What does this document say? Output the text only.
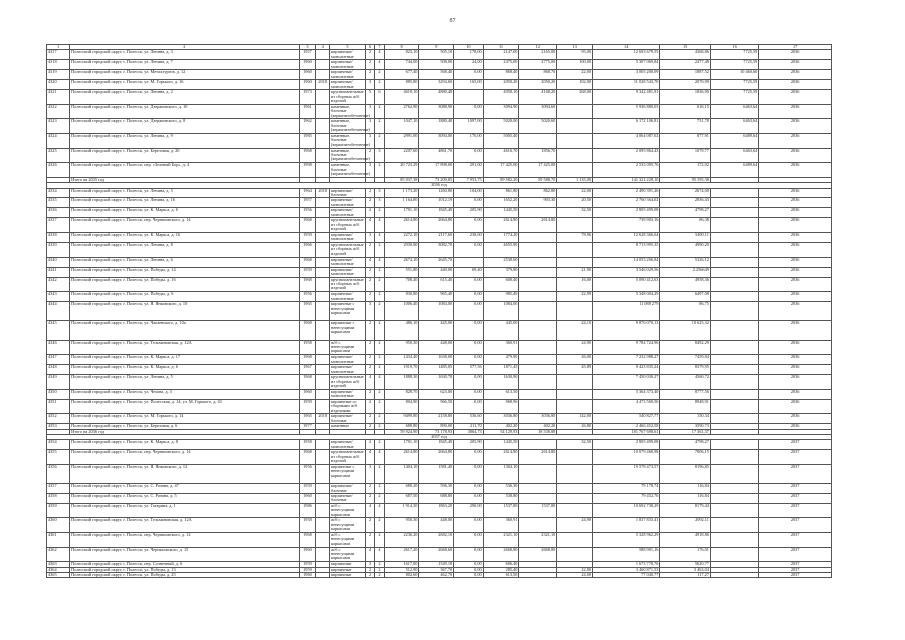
87
1	2	3	4	5	6	7	8	9	10	11	12	13	14	15	16	17
4317	Полесский городской округ, г. Полесск, ул. Ленина, д. 3	1957		кирпичные/монолитные	2	4	823,10	505,10	178,00	2147,00	2165,00	95,00	12 693 679,55	4368,86	7725,59	2036
4318	Полесский городской округ, г. Полесск, ул. Ленина, д. 7	1960		кирпичные/монолитные	2	4	744,00	508,00	24,00	2475,00	2775,00	100,00	5 307 069,84	2477,48	7725,59	2036
4319	Полесский городской округ, г. Полесск, ул. Металлургов, д. 12	1960		кирпичные/монолитные	2	2	677,40	568,40	0,00	868,40	868,70	22,00	3 005 200,09	1887,52	10 460,60	2036
4320	Полесский городской округ, г. Полесск, ул. М. Горького, д. 16	1960	2018	кирпичные/монолитные	3	2	885,80	3294,60	165,00	2050,20	2050,20	102,00	11 028 543,70	2070,99	7725,59	2036
4321	Полесский городской округ, г. Полесск, ул. Ленина, д. 2	1973		крупнопанельные из сборных ж/б изделий	5	6	4618,10	4880,48		4958,10	4168,20	268,00	9 342 481,91	1836,90	7725,59	2036
4322	Полесский городской округ, г. Полесск, ул. Дзержинского, д. 10	1961		каменные, блочные (керамзитобетонные)	3	2	2762,90	3088,90	0,00	3094,90	3094,60		5 936 880,05	616,15	6463,64	2036
4323	Полесский городской округ, г. Полесск, ул. Дзержинского, д. 8	1962		каменные, блочные (керамзитобетонные)	3	2	1047,10	1880,40	1097,00	5020,00	5020,60		6 172 106,81	751,78	6463,64	2036
4324	Полесский городской округ, г. Полесск, ул. Ленина, д. 9	1985		каменные, блочные (керамзитобетонные)	3	2	2991,00	3094,00	170,00	5005,40			4 064 087,02	877,91	6489,64	2036
4325	Полесский городской округ, г. Полесск, ул. Березовая, д. 20	1968		каменные, блочные (керамзитобетонные)	2	3	2207,60	4861,70	0,00	4616,70	1856,70		2 095 864,43	1079,77	6463,64	2036
4326	Полесский городской округ, г. Полесск, пер. «Зеленый Бор», д. 4	1998		каменные, блочные (керамзитобетонные)	3	2	20 723,29	17 898,00	291,00	17 425,00	17 425,00		2 535 095,76	172,02	6489,64	2036
	Итого на 2035 год						85 937,38	73 209,85	7 953,75	89 582,20	59 588,70	1 135,00	141 321 228,10	95 195,38		
2036 год																
4334	Полесский городской округ, г. Полесск, ул. Ленина, д. 5	1964	2018	кирпичные/блочные	2	3	1 173,20	1260,80	104,00	861,80	862,80	22,00	2 490 391,26	2674,00		2036
4335	Полесский городской округ, г. Полесск, ул. Ленина, д. 16	1957		кирпичные/монолитные	2	3	1 164,80	1012,19	0,00	1652,20	903,30	20,50	2 760 364,02	2836,43		2036
4336	Полесский городской округ, г. Полесск, ул. К. Маркса, д. 6	1956		кирпичные/монолитные	2	2	1791,10	1845,49	205,90	1445,50		32,50	2 805 499,08	4798,27		2036
4337	Полесский городской округ, г. Полесск, пер. Черняховского, д. 14	1968		крупнопанельные из сборных ж/б изделий	4	4	2614,80	2664,80	0,00	2614,80	2614,80		739 903,16	86,38		2036
4338	Полесский городской округ, г. Полесск, ул. К. Маркса, д. 16	1959		кирпичные/монолитные	3	4	2272,10	2117,60	238,00	1774,20		78,96	12 628 366,04	5490,11		2036
4339	Полесский городской округ, г. Полесск, ул. Ленина, д. 8	1966		крупнопанельные из сборных ж/б изделий	2	2	2930,00	3082,70	0,00	4655,90			8 713 995,35	4990,20		2036
4340	Полесский городской округ, г. Полесск, ул. Ленина, д. 6	1968		кирпичные/монолитные	4	4	2674,10	2645,70		2538,60			14 053 206,84	5326,12		2036
4341	Полесский городской округ, г. Полесск, ул. Победы, д. 14	1959		кирпичные/монолитные	2	2	551,80	440,00	69,40	379,80		21,90	3 546 029,56	2.256649		2036
4342	Полесский городской округ, г. Полесск, ул. Победы, д. 16	1968		крупнопанельные из сборных ж/б изделий	2	2	708,40	615,40	0,00	608,40		16,00	5 090 412,63	4958,36		2036
4343	Полесский городской округ, г. Полесск, ул. Победы, д. 6	1956		кирпичные/монолитные	2	2	830,80	965,40	0,00	985,40		22,99	5 348 004,29	6497,08		2036
4344	Полесский городской округ, г. Полесск, ул. Я. Янковского, д. 10	1965		кирпичные с ненесущими каркасами	3	2	1006,40	1084,00	0,00	1084,00			11 088 279	86,75		2036
4345	Полесский городской округ, г. Полесск, ул. Чапаевского, д. 10а	1968		кирпичные с ненесущими каркасами	2	2	486,10	445,00	0,00	445,00		24,10	9 876 070,13	10 625,32		2036
4346	Полесский городской округ, г. Полесск, ул. Тельмановская, д. 12А	1958		ж/б с ненесущими каркасами	2	2	950,30	448,00	0,00	360,91		24,90	9 784 724,96	8492,29		2036
4347	Полесский городской округ, г. Полесск, ул. К. Маркса, д. 17	1968		кирпичные/монолитные	2	2	1434,40	1638,00	0,00	479,90		26,00	7 232 988,27	7459,84		2036
4348	Полесский городской округ, г. Полесск, ул. К. Маркса, д. 6	1967		кирпичные/монолитные	2	2	1919,70	1485,05	577,56	1871,45		45,89	9 423 835,24	8379,95		2036
4349	Полесский городской округ, г. Полесск, ул. Ленина, д. 5	1968		крупнопанельные из сборных ж/б изделий	4	4	1888,30	1630,78	0,00	1630,90			7 450 030,27	4560,72		2036
4350	Полесский городской округ, г. Полесск, ул. Чехова, д. 3	1960		кирпичные/монолитные	2	2	828,70	623,00	0,00	613,50			5 364 373,40	8777,56		2036
4351	Полесский городской округ, г. Полесск, ул. Полесская, д. 14; ул. М. Горького, д. 43	1959		кирпичные со сборными ж/б изделиями	2	2	804,90	966,50	0,00	968,96			4 473 569,56	8948,91		2036
4352	Полесский городской округ, г. Полесск, ул. М. Горького, д. 14	1965	2018	кирпичные/блочные	2	2	9499,80	2158,80	536,60	3036,80	3036,80	142,00	540 827,77	150,34		2036
4353	Полесский городской округ, г. Полесск, ул. Березовая, д. 6	1977		каменные	2	2	689,80	890,00	211,70	402,20	402,20	26,80	2 466 452,58	3590,73		2036
	Итого на 2036 год						59 924,90	73 178,93	3864,73	54 129,93	18 538,88		181 767 698,61	17 361,37		
2037 год																
4354	Полесский городской округ, г. Полесск, ул. К. Маркса, д. 8	1958		кирпичные/монолитные	2	2	1791,10	1845,49	205,90	1445,50		32,50	2 805 499,08	4798,27		2037
4355	Полесский городской округ, г. Полесск, пер. Черняховского, д. 14	1968		крупнопанельные из сборных ж/б изделий	4	4	2614,80	2664,80	0,00	2614,80	2614,80		10 079 468,98	7806,15		2037
4356	Полесский городской округ, г. Полесск, ул. Я. Янковского, д. 12	1956		кирпичные с ненесущими каркасами	3	2	1404,10	1581,40	0,00	1304,10			19 578 473,57	8196,85		2037
4357	Полесский городской округ, г. Полесск, ул. С. Разина, д. 47	1959		кирпичные/блочные	2	2	680,20	596,30	0,00	536,30			79 178,74	116,84		2037
4358	Полесский городской округ, г. Полесск, ул. С. Разина, д. 5	1960		кирпичные/блочные	2	2	687,50	688,80	0,00	538,80			79 452,76	116,84		2037
4359	Полесский городской округ, г. Полесск, ул. Гагарина, д. 1	1986		ж/б с ненесущими каркасами	4	4	1 914,30	1863,20	290,00	1537,80	1537,80		10 692 738,29	8179,44		2037
4360	Полесский городской округ, г. Полесск, ул. Тельмановская, д. 12А	1958		ж/б с ненесущими каркасами	2	2	950,30	448,00	0,00	360,91		24,90	1 837 833,41	2092,11		2037
4361	Полесский городской округ, г. Полесск, пер. Черняховского, д. 12	1968		ж/б с ненесущими каркасами	2	2	2236,20	2682,10	0,00	2321,10	2321,10		5 328 962,29	4918,86		2037
4362	Полесский городской округ, г. Полесск, ул. Черняховского, д. 15	1960		ж/б с ненесущими каркасами	4	4	2617,20	2668,60	0,00	2668,80	2668,80		588 901,16	176,01		2037
4363	Полесский городской округ, г. Полесск, пер. Солнечный, д. 6	1959		кирпичные	3	2	1617,00	1549,18	0,00	606,40			1 673 778,76	5620,77		2037
4364	Полесский городской округ, г. Полесск, ул. Победы, д. 13	1959		кирпичные	2	2	512,90	367,70	0,00	285,40		22,80	3 460 871,53	3 463,04		2037
4365	Полесский городской округ, г. Полесск, ул. Победы, д. 25	1960		кирпичные	2	2	802,60	462,70	0,00	613,50		24,00	77 040,77	117,27		2037
